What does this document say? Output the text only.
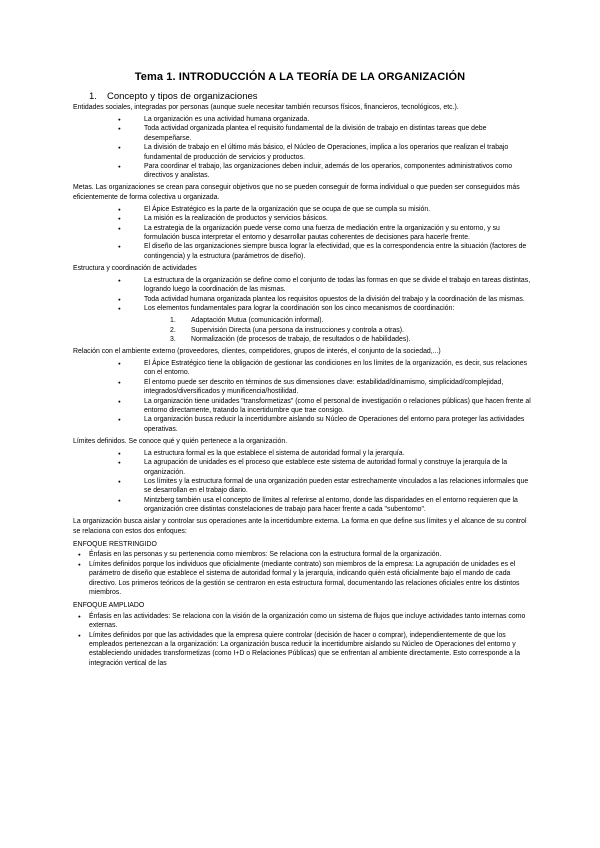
Tema 1. INTRODUCCIÓN A LA TEORÍA DE LA ORGANIZACIÓN
1. Concepto y tipos de organizaciones

Entidades sociales, integradas por personas (aunque suele necesitar también recursos físicos, financieros, tecnológicos, etc.).

● La organización es una actividad humana organizada.
● Toda actividad organizada plantea el requisito fundamental de la división de trabajo en distintas tareas que debe desempeñarse.
● La división de trabajo en el último más básico, el Núcleo de Operaciones, implica a los operarios que realizan el trabajo fundamental de producción de servicios y productos.
● Para coordinar el trabajo, las organizaciones deben incluir, además de los operarios, componentes administrativos como directivos y analistas.

Metas. Las organizaciones se crean para conseguir objetivos que no se pueden conseguir de forma individual o que pueden ser conseguidos más eficientemente de forma colectiva u organizada.

● El Ápice Estratégico es la parte de la organización que se ocupa de que se cumpla su misión.
● La misión es la realización de productos y servicios básicos.
● La estrategia de la organización puede verse como una fuerza de mediación entre la organización y su entorno, y su formulación busca interpretar el entorno y desarrollar pautas coherentes de decisiones para hacerle frente.
● El diseño de las organizaciones siempre busca lograr la efectividad, que es la correspondencia entre la situación (factores de contingencia) y la estructura (parámetros de diseño).

Estructura y coordinación de actividades

● La estructura de la organización se define como el conjunto de todas las formas en que se divide el trabajo en tareas distintas, logrando luego la coordinación de las mismas.
● Toda actividad humana organizada plantea los requisitos opuestos de la división del trabajo y la coordinación de las mismas.
● Los elementos fundamentales para lograr la coordinación son los cinco mecanismos de coordinación:
1. Adaptación Mutua (comunicación informal).
2. Supervisión Directa (una persona da instrucciones y controla a otras).
3. Normalización (de procesos de trabajo, de resultados o de habilidades).

Relación con el ambiente externo (proveedores, clientes, competidores, grupos de interés, el conjunto de la sociedad,...)

● El Ápice Estratégico tiene la obligación de gestionar las condiciones en los límites de la organización, es decir, sus relaciones con el entorno.
● El entorno puede ser descrito en términos de sus dimensiones clave: estabilidad/dinamismo, simplicidad/complejidad, integrados/diversificados y munificencia/hostilidad.
● La organización tiene unidades "transformetizas" (como el personal de investigación o relaciones públicas) que hacen frente al entorno directamente, tratando la incertidumbre que trae consigo.
● La organización busca reducir la incertidumbre aislando su Núcleo de Operaciones del entorno para proteger las actividades operativas.

Límites definidos. Se conoce qué y quién pertenece a la organización.

● La estructura formal es la que establece el sistema de autoridad formal y la jerarquía.
● La agrupación de unidades es el proceso que establece este sistema de autoridad formal y construye la jerarquía de la organización.
● Los límites y la estructura formal de una organización pueden estar estrechamente vinculados a las relaciones informales que se desarrollan en el trabajo diario.
● Mintzberg también usa el concepto de límites al referirse al entorno, donde las disparidades en el entorno requieren que la organización cree distintas constelaciones de trabajo para hacer frente a cada "subentorno".

La organización busca aislar y controlar sus operaciones ante la incertidumbre externa. La forma en que define sus límites y el alcance de su control se relaciona con estos dos enfoques:

ENFOQUE RESTRINGIDO

● Énfasis en las personas y su pertenencia como miembros: Se relaciona con la estructura formal de la organización.
● Límites definidos porque los individuos que oficialmente (mediante contrato) son miembros de la empresa: La agrupación de unidades es el parámetro de diseño que establece el sistema de autoridad formal y la jerarquía, indicando quién está oficialmente bajo el mando de cada directivo. Los primeros teóricos de la gestión se centraron en esta estructura formal, documentando las relaciones oficiales entre los distintos miembros.

ENFOQUE AMPLIADO

● Énfasis en las actividades: Se relaciona con la visión de la organización como un sistema de flujos que incluye actividades tanto internas como externas.
● Límites definidos por que las actividades que la empresa quiere controlar (decisión de hacer o comprar), independientemente de que los empleados pertenezcan a la organización: La organización busca reducir la incertidumbre aislando su Núcleo de Operaciones del entorno y estableciendo unidades transformetizas (como I+D o Relaciones Públicas) que se enfrentan al ambiente directamente. Esto corresponde a la integración vertical de las
